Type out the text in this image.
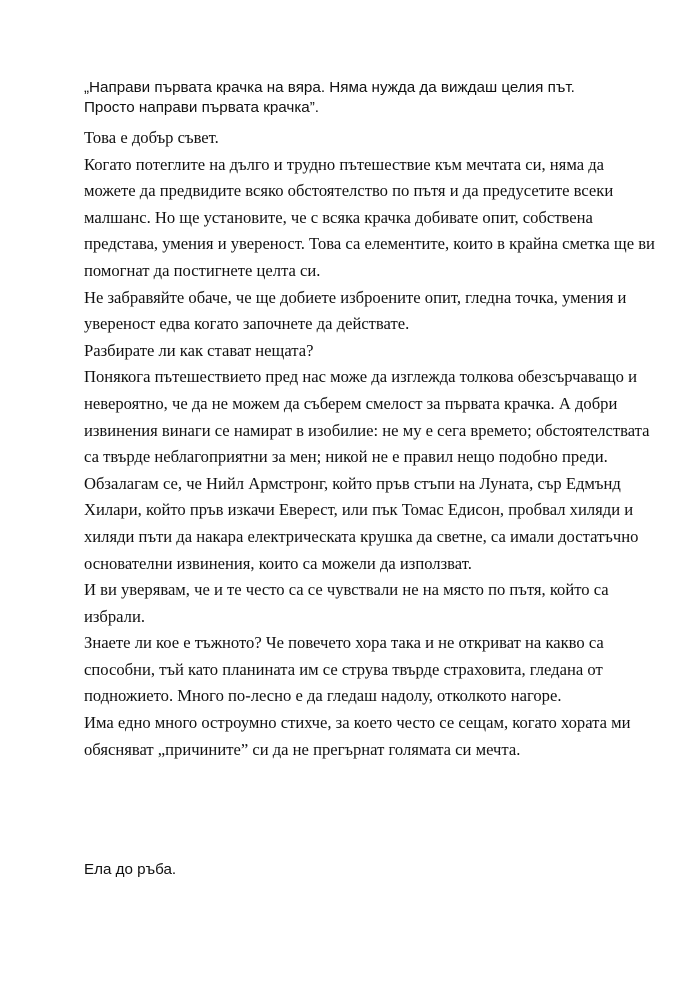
„Направи първата крачка на вяра. Няма нужда да виждаш целия път.
Просто направи първата крачка”.

Това е добър съвет.

Когато потеглите на дълго и трудно пътешествие към мечтата си, няма да можете да предвидите всяко обстоятелство по пътя и да предусетите всеки малшанс. Но ще установите, че с всяка крачка добивате опит, собствена представа, умения и увереност. Това са елементите, които в крайна сметка ще ви помогнат да постигнете целта си.

Не забравяйте обаче, че ще добиете изброените опит, гледна точка, умения и увереност едва когато започнете да действате.

Разбирате ли как стават нещата?

Понякога пътешествието пред нас може да изглежда толкова обезсърчаващо и невероятно, че да не можем да съберем смелост за първата крачка. А добри извинения винаги се намират в изобилие: не му е сега времето; обстоятелствата са твърде неблагоприятни за мен; никой не е правил нещо подобно преди.

Обзалагам се, че Нийл Армстронг, който пръв стъпи на Луната, сър Едмънд Хилари, който пръв изкачи Еверест, или пък Томас Едисон, пробвал хиляди и хиляди пъти да накара електрическата крушка да светне, са имали достатъчно основателни извинения, които са можели да използват.

И ви уверявам, че и те често са се чувствали не на място по пътя, който са избрали.

Знаете ли кое е тъжното? Че повечето хора така и не откриват на какво са способни, тъй като планината им се струва твърде страховита, гледана от подножието. Много по-лесно е да гледаш надолу, отколкото нагоре.

Има едно много остроумно стихче, за което често се сещам, когато хората ми обясняват „причините” си да не прегърнат голямата си мечта.

Ела до ръба.
